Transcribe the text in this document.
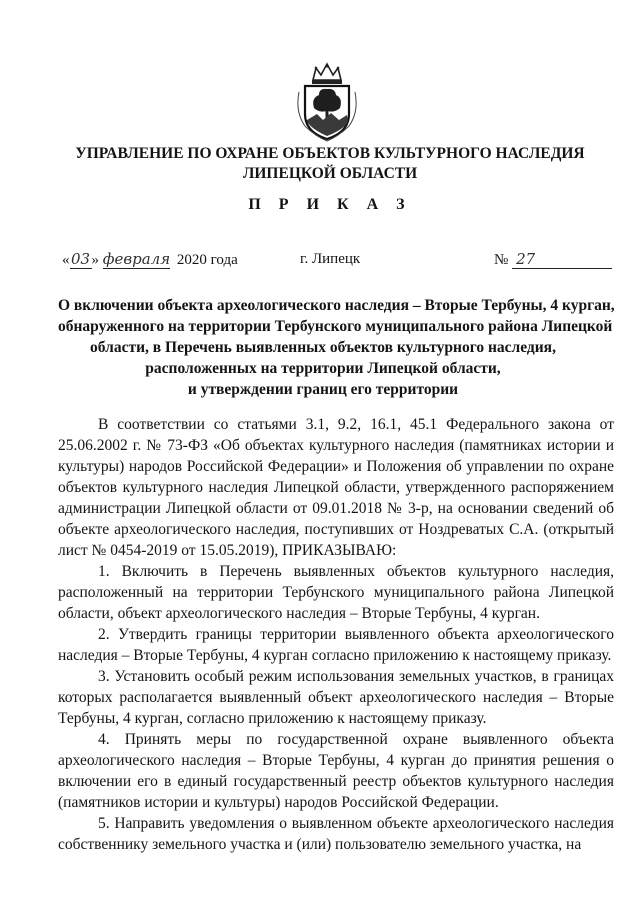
УПРАВЛЕНИЕ ПО ОХРАНЕ ОБЪЕКТОВ КУЛЬТУРНОГО НАСЛЕДИЯ
ЛИПЕЦКОЙ ОБЛАСТИ
П Р И К А З
«03» февраля 2020 года	г. Липецк	№ 27
О включении объекта археологического наследия – Вторые Тербуны, 4 курган,
обнаруженного на территории Тербунского муниципального района Липецкой
области, в Перечень выявленных объектов культурного наследия,
расположенных на территории Липецкой области,
и утверждении границ его территории

В соответствии со статьями 3.1, 9.2, 16.1, 45.1 Федерального закона от 25.06.2002 г. № 73-ФЗ «Об объектах культурного наследия (памятниках истории и культуры) народов Российской Федерации» и Положения об управлении по охране объектов культурного наследия Липецкой области, утвержденного распоряжением администрации Липецкой области от 09.01.2018 № 3-р, на основании сведений об объекте археологического наследия, поступивших от Ноздреватых С.А. (открытый лист № 0454-2019 от 15.05.2019), ПРИКАЗЫВАЮ:

1. Включить в Перечень выявленных объектов культурного наследия, расположенный на территории Тербунского муниципального района Липецкой области, объект археологического наследия – Вторые Тербуны, 4 курган.

2. Утвердить границы территории выявленного объекта археологического наследия – Вторые Тербуны, 4 курган согласно приложению к настоящему приказу.

3. Установить особый режим использования земельных участков, в границах которых располагается выявленный объект археологического наследия – Вторые Тербуны, 4 курган, согласно приложению к настоящему приказу.

4. Принять меры по государственной охране выявленного объекта археологического наследия – Вторые Тербуны, 4 курган до принятия решения о включении его в единый государственный реестр объектов культурного наследия (памятников истории и культуры) народов Российской Федерации.

5. Направить уведомления о выявленном объекте археологического наследия собственнику земельного участка и (или) пользователю земельного участка, на
